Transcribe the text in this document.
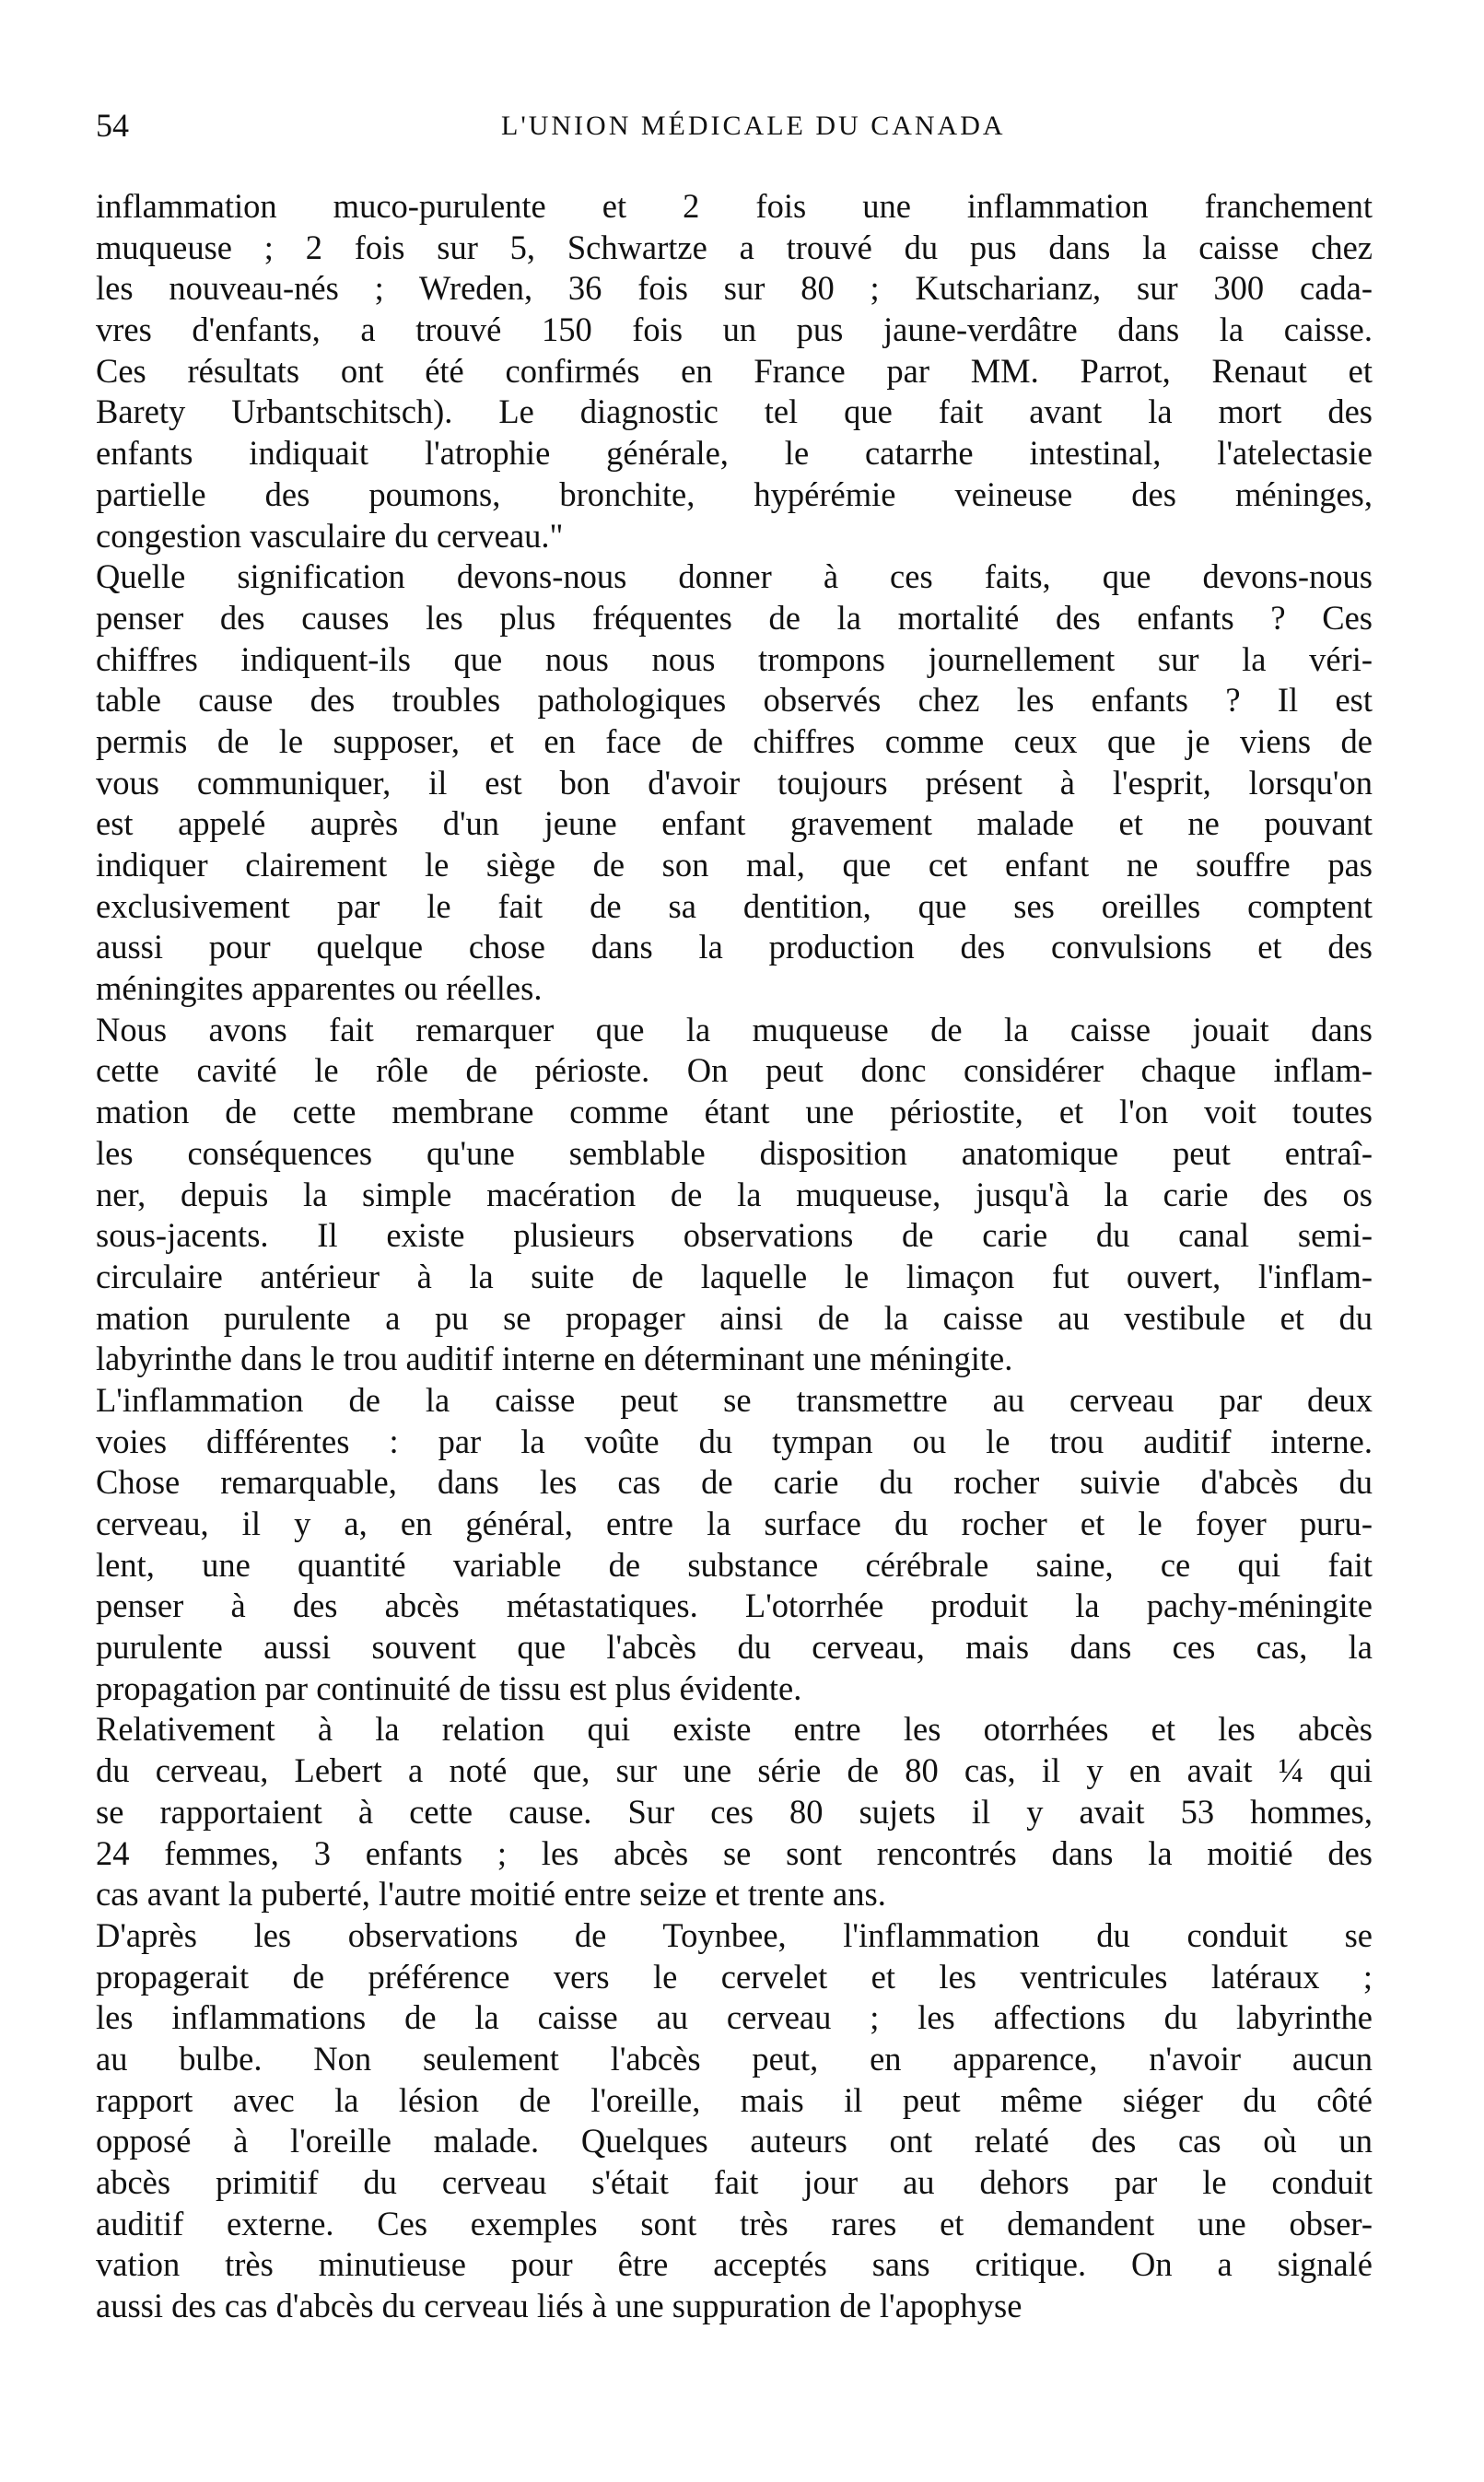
54	L'UNION MÉDICALE DU CANADA
inflammation muco-purulente et 2 fois une inflammation franchement
muqueuse ; 2 fois sur 5, Schwartze a trouvé du pus dans la caisse chez
les nouveau-nés ; Wreden, 36 fois sur 80 ; Kutscharianz, sur 300 cada-
vres d'enfants, a trouvé 150 fois un pus jaune-verdâtre dans la caisse.
Ces résultats ont été confirmés en France par MM. Parrot, Renaut et
Barety Urbantschitsch). Le diagnostic tel que fait avant la mort des
enfants indiquait l'atrophie générale, le catarrhe intestinal, l'atelectasie
partielle des poumons, bronchite, hypérémie veineuse des méninges,
congestion vasculaire du cerveau."
Quelle signification devons-nous donner à ces faits, que devons-nous
penser des causes les plus fréquentes de la mortalité des enfants ? Ces
chiffres indiquent-ils que nous nous trompons journellement sur la véri-
table cause des troubles pathologiques observés chez les enfants ? Il est
permis de le supposer, et en face de chiffres comme ceux que je viens de
vous communiquer, il est bon d'avoir toujours présent à l'esprit, lorsqu'on
est appelé auprès d'un jeune enfant gravement malade et ne pouvant
indiquer clairement le siège de son mal, que cet enfant ne souffre pas
exclusivement par le fait de sa dentition, que ses oreilles comptent
aussi pour quelque chose dans la production des convulsions et des
méningites apparentes ou réelles.
Nous avons fait remarquer que la muqueuse de la caisse jouait dans
cette cavité le rôle de périoste. On peut donc considérer chaque inflam-
mation de cette membrane comme étant une périostite, et l'on voit toutes
les conséquences qu'une semblable disposition anatomique peut entraî-
ner, depuis la simple macération de la muqueuse, jusqu'à la carie des os
sous-jacents. Il existe plusieurs observations de carie du canal semi-
circulaire antérieur à la suite de laquelle le limaçon fut ouvert, l'inflam-
mation purulente a pu se propager ainsi de la caisse au vestibule et du
labyrinthe dans le trou auditif interne en déterminant une méningite.
L'inflammation de la caisse peut se transmettre au cerveau par deux
voies différentes : par la voûte du tympan ou le trou auditif interne.
Chose remarquable, dans les cas de carie du rocher suivie d'abcès du
cerveau, il y a, en général, entre la surface du rocher et le foyer puru-
lent, une quantité variable de substance cérébrale saine, ce qui fait
penser à des abcès métastatiques. L'otorrhée produit la pachy-méningite
purulente aussi souvent que l'abcès du cerveau, mais dans ces cas, la
propagation par continuité de tissu est plus évidente.
Relativement à la relation qui existe entre les otorrhées et les abcès
du cerveau, Lebert a noté que, sur une série de 80 cas, il y en avait ¼ qui
se rapportaient à cette cause. Sur ces 80 sujets il y avait 53 hommes,
24 femmes, 3 enfants ; les abcès se sont rencontrés dans la moitié des
cas avant la puberté, l'autre moitié entre seize et trente ans.
D'après les observations de Toynbee, l'inflammation du conduit se
propagerait de préférence vers le cervelet et les ventricules latéraux ;
les inflammations de la caisse au cerveau ; les affections du labyrinthe
au bulbe. Non seulement l'abcès peut, en apparence, n'avoir aucun
rapport avec la lésion de l'oreille, mais il peut même siéger du côté
opposé à l'oreille malade. Quelques auteurs ont relaté des cas où un
abcès primitif du cerveau s'était fait jour au dehors par le conduit
auditif externe. Ces exemples sont très rares et demandent une obser-
vation très minutieuse pour être acceptés sans critique. On a signalé
aussi des cas d'abcès du cerveau liés à une suppuration de l'apophyse
